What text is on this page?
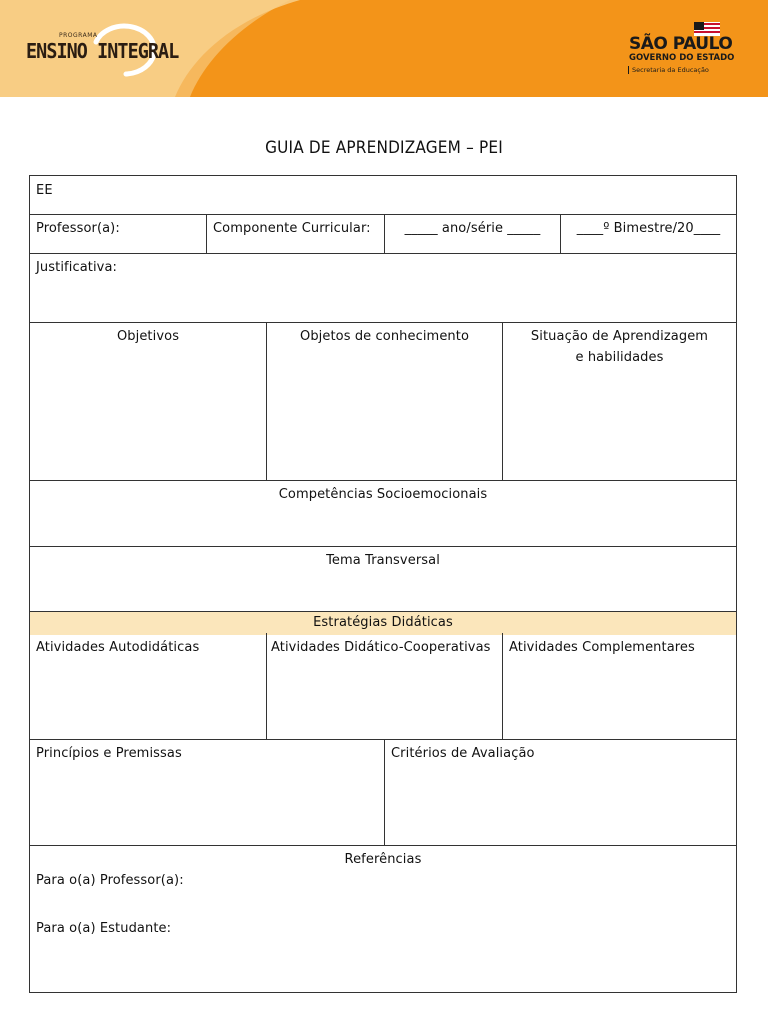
PROGRAMA
ENSINO INTEGRAL	SÃO PAULO
GOVERNO DO ESTADO
Secretaria da Educação
GUIA DE APRENDIZAGEM – PEI
EE
Professor(a):	Componente Curricular:	_____ ano/série _____	____º Bimestre/20____
Justificativa:
Objetivos	Objetos de conhecimento	Situação de Aprendizagem
e habilidades
Competências Socioemocionais
Tema Transversal
Estratégias Didáticas
Atividades Autodidáticas	Atividades Didático-Cooperativas	Atividades Complementares
Princípios e Premissas	Critérios de Avaliação
Referências
Para o(a) Professor(a):
Para o(a) Estudante:
